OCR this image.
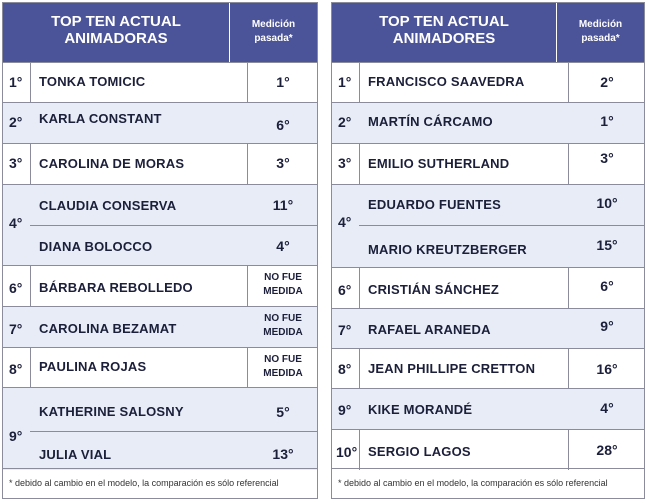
TOP TEN ACTUAL
ANIMADORAS
Medición
pasada*
1° TONKA TOMICIC	1°
2° KARLA CONSTANT	6°
3° CAROLINA DE MORAS	3°
4°
CLAUDIA CONSERVA	11°
DIANA BOLOCCO	4°
6° BÁRBARA REBOLLEDO
NO FUE
MEDIDA
7° CAROLINA BEZAMAT
NO FUE
MEDIDA
8° PAULINA ROJAS	NO FUE
MEDIDA
9°
KATHERINE SALOSNY	5°
JULIA VIAL	13°
* debido al cambio en el modelo, la comparación es sólo referencial
TOP TEN ACTUAL
ANIMADORES
Medición
pasada*
1° FRANCISCO SAAVEDRA	2°
2° MARTÍN CÁRCAMO	1°
3° EMILIO SUTHERLAND	3°
4°
EDUARDO FUENTES	10°
MARIO KREUTZBERGER	15°
6° CRISTIÁN SÁNCHEZ	6°
7° RAFAEL ARANEDA	9°
8° JEAN PHILLIPE CRETTON	16°
9° KIKE MORANDÉ	4°
10° SERGIO LAGOS	28°
* debido al cambio en el modelo, la comparación es sólo referencial
